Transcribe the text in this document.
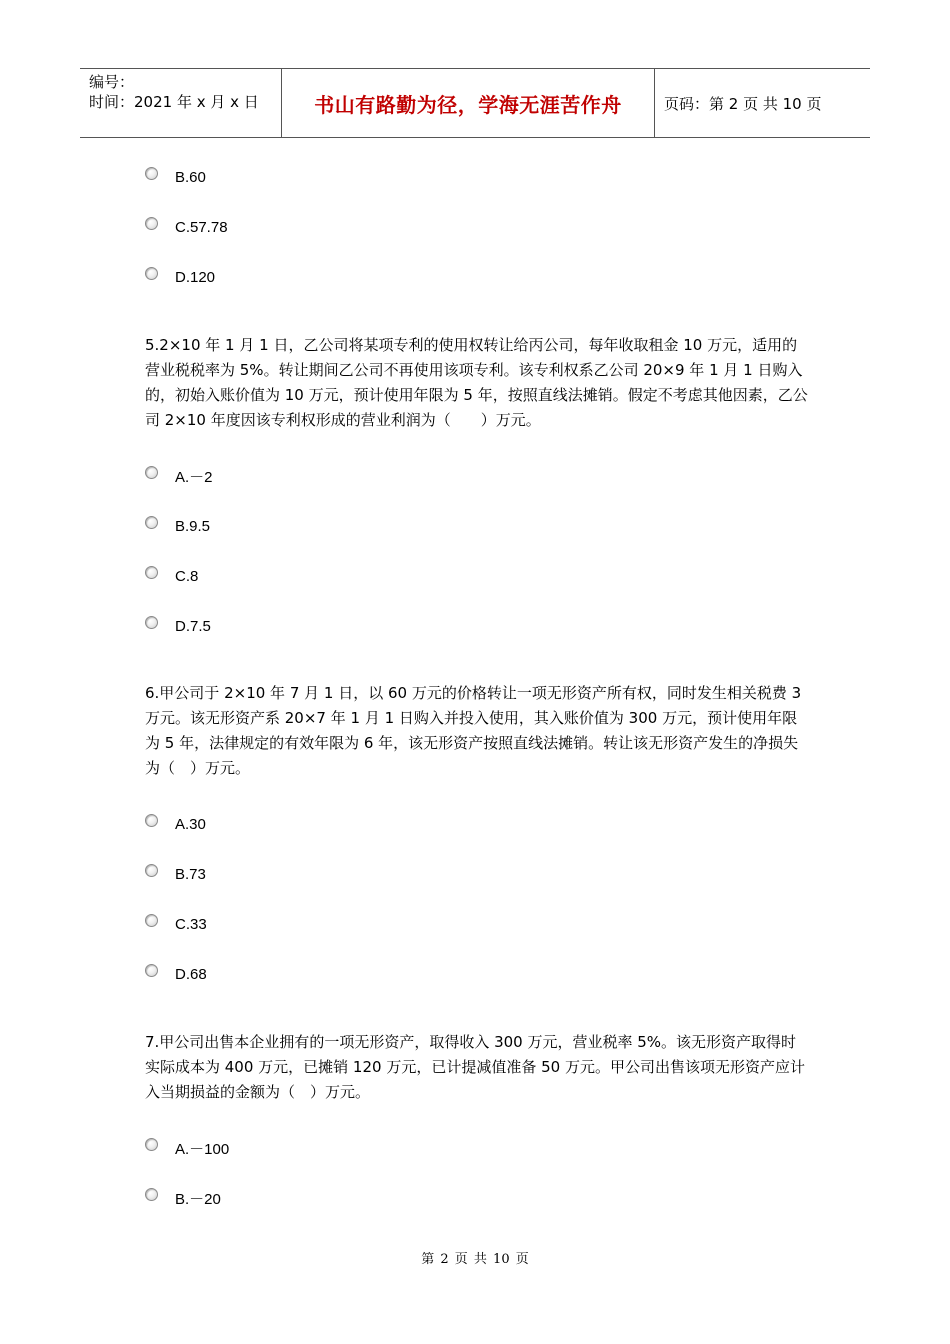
编号：
时间：2021 年 x 月 x 日	书山有路勤为径，学海无涯苦作舟	页码：第 2 页 共 10 页
B.60
C.57.78
D.120
5.2×10 年 1 月 1 日，乙公司将某项专利的使用权转让给丙公司，每年收取租金 10 万元，适用的营业税税率为 5%。转让期间乙公司不再使用该项专利。该专利权系乙公司 20×9 年 1 月 1 日购入的，初始入账价值为 10 万元，预计使用年限为 5 年，按照直线法摊销。假定不考虑其他因素，乙公司 2×10 年度因该专利权形成的营业利润为（　　）万元。
A.－2
B.9.5
C.8
D.7.5
6.甲公司于 2×10 年 7 月 1 日，以 60 万元的价格转让一项无形资产所有权，同时发生相关税费 3 万元。该无形资产系 20×7 年 1 月 1 日购入并投入使用，其入账价值为 300 万元，预计使用年限为 5 年，法律规定的有效年限为 6 年，该无形资产按照直线法摊销。转让该无形资产发生的净损失为（　）万元。
A.30
B.73
C.33
D.68
7.甲公司出售本企业拥有的一项无形资产，取得收入 300 万元，营业税率 5%。该无形资产取得时实际成本为 400 万元，已摊销 120 万元，已计提减值准备 50 万元。甲公司出售该项无形资产应计入当期损益的金额为（　）万元。
A.－100
B.－20
第 2 页 共 10 页
